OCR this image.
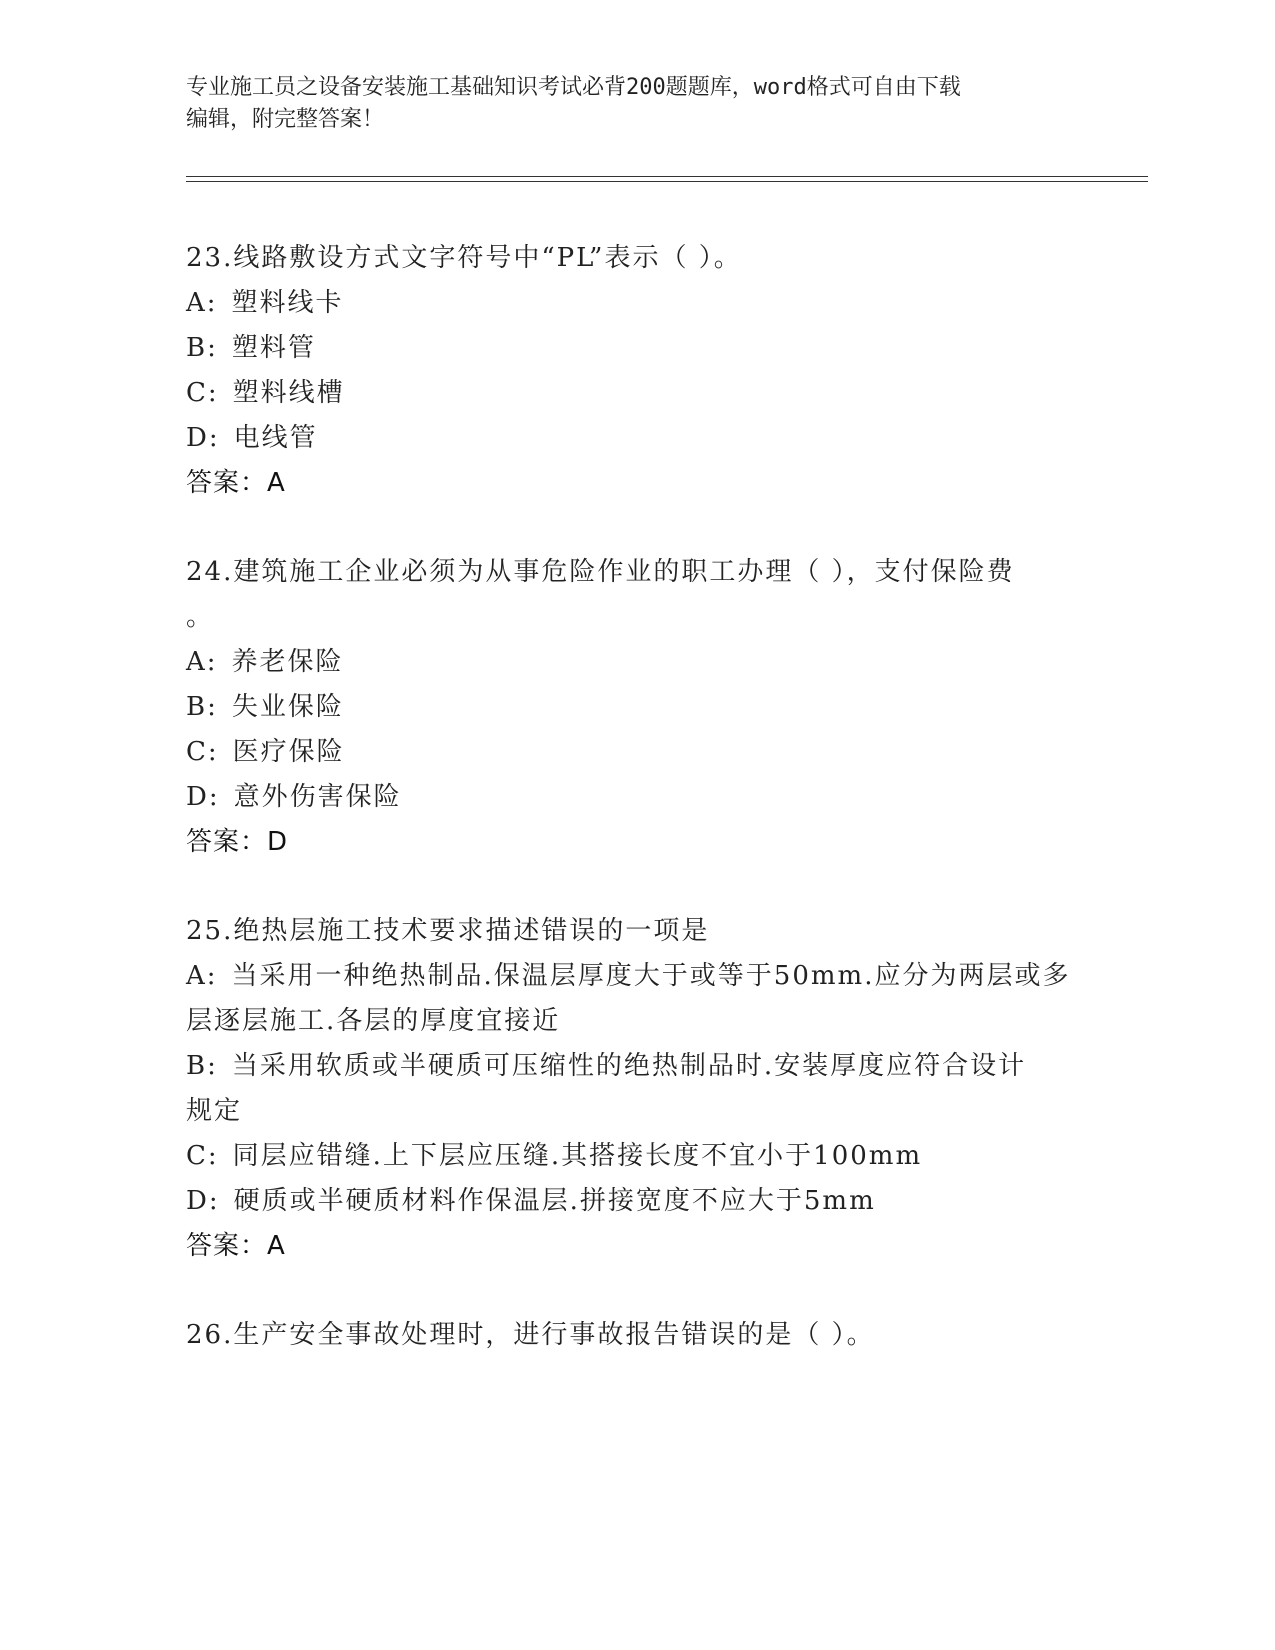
专业施工员之设备安装施工基础知识考试必背200题题库，word格式可自由下载
编辑，附完整答案！
23.线路敷设方式文字符号中“PL”表示（ ）。
A: 塑料线卡
B: 塑料管
C: 塑料线槽
D: 电线管
答案：A
24.建筑施工企业必须为从事危险作业的职工办理（ ），支付保险费
。
A: 养老保险
B: 失业保险
C: 医疗保险
D: 意外伤害保险
答案：D
25.绝热层施工技术要求描述错误的一项是
A: 当采用一种绝热制品.保温层厚度大于或等于50mm.应分为两层或多
层逐层施工.各层的厚度宜接近
B: 当采用软质或半硬质可压缩性的绝热制品时.安装厚度应符合设计
规定
C: 同层应错缝.上下层应压缝.其搭接长度不宜小于100mm
D: 硬质或半硬质材料作保温层.拼接宽度不应大于5mm
答案：A
26.生产安全事故处理时，进行事故报告错误的是（ ）。
